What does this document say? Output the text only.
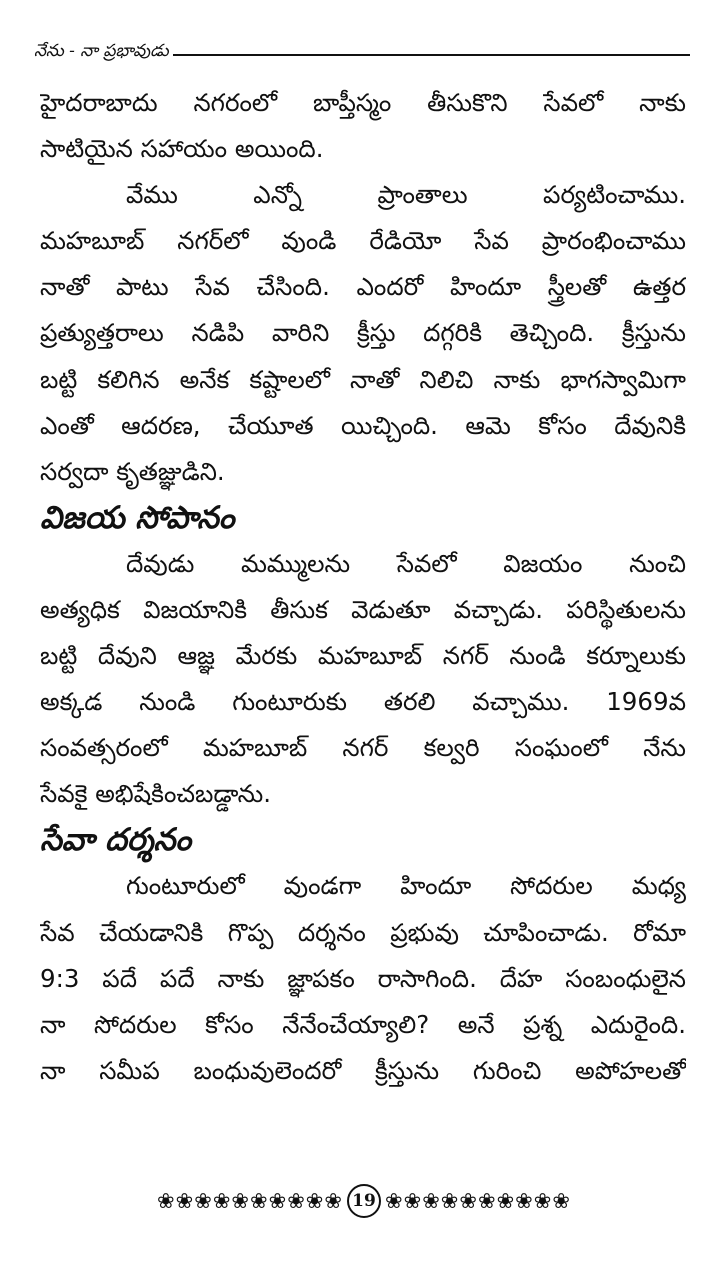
నేను - నా ప్రభావుడు
హైదరాబాదు నగరంలో బాప్తీస్మం తీసుకొని సేవలో నాకు
సాటియైన సహాయం అయింది.
వేము ఎన్నో ప్రాంతాలు పర్యటించాము.
మహబూబ్ నగర్‌లో వుండి రేడియో సేవ ప్రారంభించాము
నాతో పాటు సేవ చేసింది. ఎందరో హిందూ స్త్రీలతో ఉత్తర
ప్రత్యుత్తరాలు నడిపి వారిని క్రీస్తు దగ్గరికి తెచ్చింది. క్రీస్తును
బట్టి కలిగిన అనేక కష్టాలలో నాతో నిలిచి నాకు భాగస్వామిగా
ఎంతో ఆదరణ, చేయూత యిచ్చింది. ఆమె కోసం దేవునికి
సర్వదా కృతజ్ఞుడిని.
విజయ సోపానం
దేవుడు మమ్ములను సేవలో విజయం నుంచి
అత్యధిక విజయానికి తీసుక వెడుతూ వచ్చాడు. పరిస్థితులను
బట్టి దేవుని ఆజ్ఞ మేరకు మహబూబ్ నగర్ నుండి కర్నూలుకు
అక్కడ నుండి గుంటూరుకు తరలి వచ్చాము. 1969వ
సంవత్సరంలో మహబూబ్ నగర్ కల్వరి సంఘంలో నేను
సేవకై అభిషేకించబడ్డాను.
సేవా దర్శనం
గుంటూరులో వుండగా హిందూ సోదరుల మధ్య
సేవ చేయడానికి గొప్ప దర్శనం ప్రభువు చూపించాడు. రోమా
9:3 పదే పదే నాకు జ్ఞాపకం రాసాగింది. దేహ సంబంధులైన
నా సోదరుల కోసం నేనేంచేయ్యాలి? అనే ప్రశ్న ఎదురైంది.
నా సమీప బంధువులెందరో క్రీస్తును గురించి అపోహలతో
❀❀❀❀❀❀❀❀❀❀ 19 ❀❀❀❀❀❀❀❀❀❀
